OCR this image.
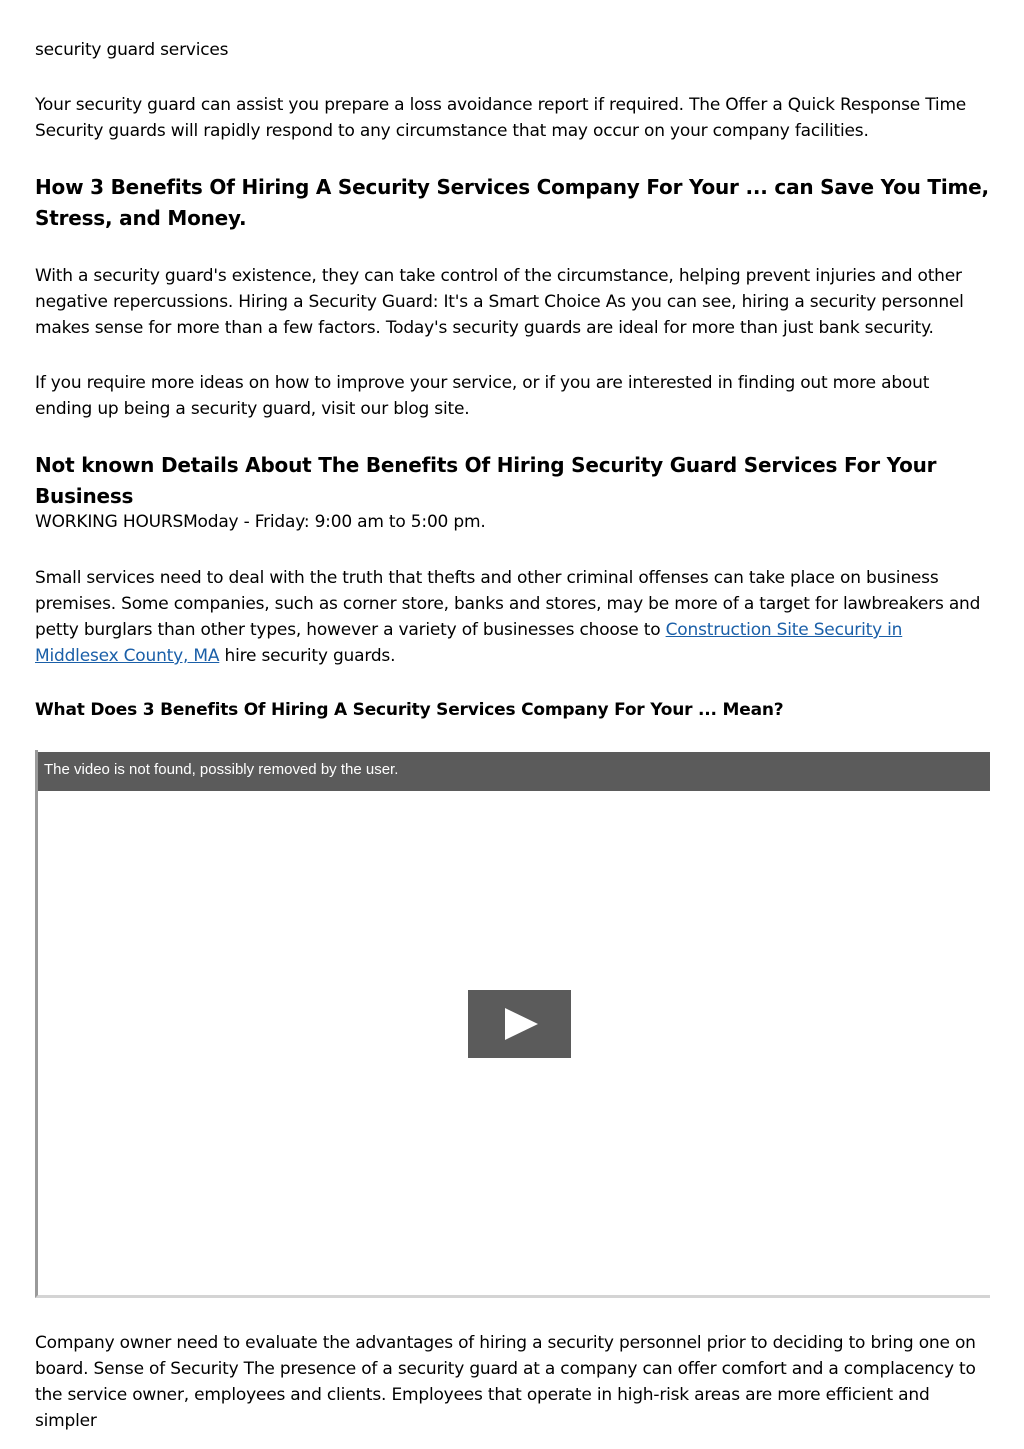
security guard services

Your security guard can assist you prepare a loss avoidance report if required. The Offer a Quick Response Time Security guards will rapidly respond to any circumstance that may occur on your company facilities.

How 3 Benefits Of Hiring A Security Services Company For Your ... can Save You Time, Stress, and Money.

With a security guard's existence, they can take control of the circumstance, helping prevent injuries and other negative repercussions. Hiring a Security Guard: It's a Smart Choice As you can see, hiring a security personnel makes sense for more than a few factors. Today's security guards are ideal for more than just bank security.

If you require more ideas on how to improve your service, or if you are interested in finding out more about ending up being a security guard, visit our blog site.

Not known Details About The Benefits Of Hiring Security Guard Services For Your Business

WORKING HOURSModay - Friday: 9:00 am to 5:00 pm.

Small services need to deal with the truth that thefts and other criminal offenses can take place on business premises. Some companies, such as corner store, banks and stores, may be more of a target for lawbreakers and petty burglars than other types, however a variety of businesses choose to Construction Site Security in Middlesex County, MA hire security guards.

What Does 3 Benefits Of Hiring A Security Services Company For Your ... Mean?
The video is not found, possibly removed by the user.

Company owner need to evaluate the advantages of hiring a security personnel prior to deciding to bring one on board. Sense of Security The presence of a security guard at a company can offer comfort and a complacency to the service owner, employees and clients. Employees that operate in high-risk areas are more efficient and simpler
